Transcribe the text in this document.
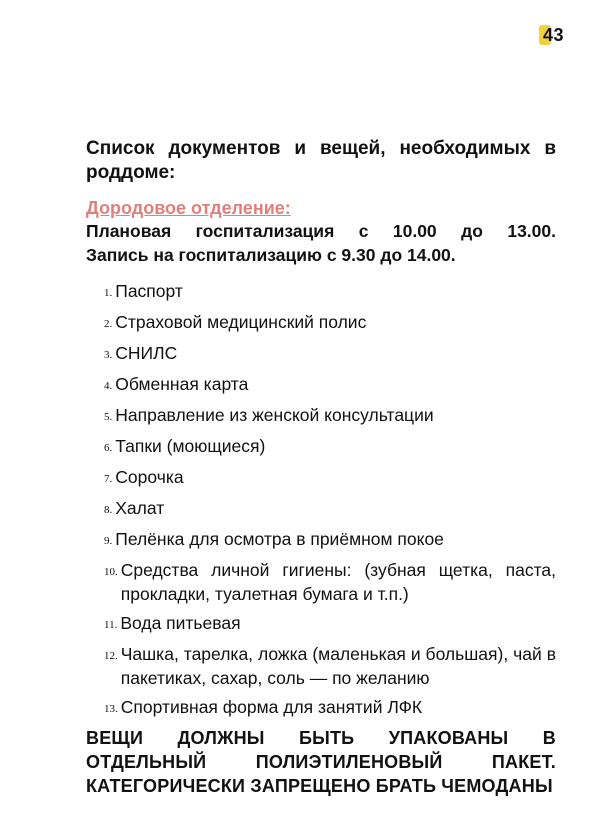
43
Список документов и вещей, необходимых в роддоме:
Дородовое отделение:

Плановая госпитализация с 10.00 до 13.00.

Запись на госпитализацию с 9.30 до 14.00.

1. Паспорт
2. Страховой медицинский полис
3. СНИЛС
4. Обменная карта
5. Направление из женской консультации
6. Тапки (моющиеся)
7. Сорочка
8. Халат
9. Пелёнка для осмотра в приёмном покое
10. Средства личной гигиены: (зубная щетка, паста, прокладки, туалетная бумага и т.п.)
11. Вода питьевая
12. Чашка, тарелка, ложка (маленькая и большая), чай в пакетиках, сахар, соль — по желанию
13. Спортивная форма для занятий ЛФК
ВЕЩИ ДОЛЖНЫ БЫТЬ УПАКОВАНЫ В ОТДЕЛЬНЫЙ ПОЛИЭТИЛЕНОВЫЙ ПАКЕТ. КАТЕГОРИЧЕСКИ ЗАПРЕЩЕНО БРАТЬ ЧЕМОДАНЫ
